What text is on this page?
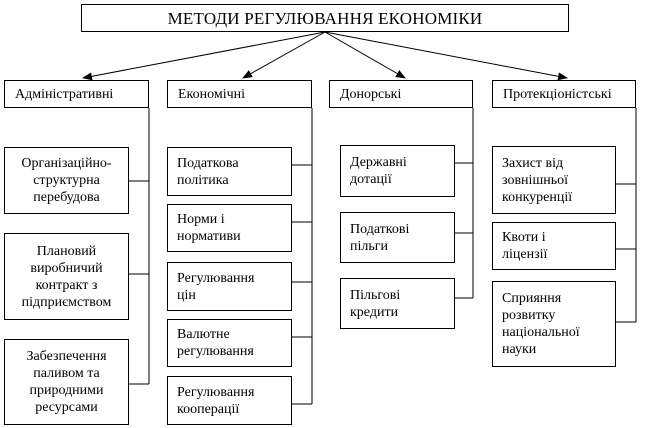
МЕТОДИ РЕГУЛЮВАННЯ ЕКОНОМІКИ
Адміністративні	Економічні	Донорські	Протекціоністські
Організаційно-
структурна
перебудова
Плановий
виробничий
контракт з
підприємством
Забезпечення
паливом та
природними
ресурсами
Податкова
політика
Норми і
нормативи
Регулювання
цін
Валютне
регулювання
Регулювання
кооперації
Державні
дотації
Податкові
пільги
Пільгові
кредити
Захист від
зовнішньої
конкуренції
Квоти і
ліцензії
Сприяння
розвитку
національної
науки
